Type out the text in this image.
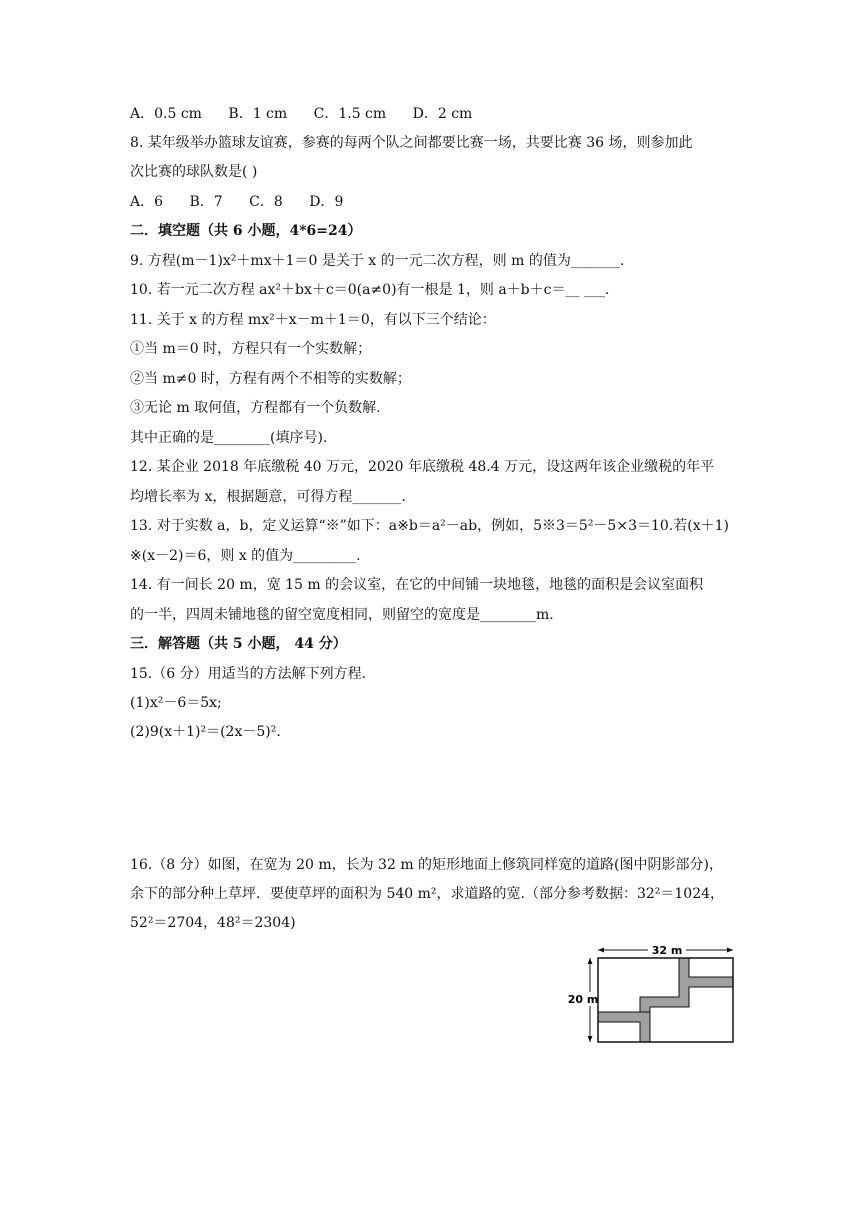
A．0.5 cm B．1 cm C．1.5 cm D．2 cm
8. 某年级举办篮球友谊赛，参赛的每两个队之间都要比赛一场，共要比赛 36 场，则参加此
次比赛的球队数是( )
A．6 B．7 C．8 D．9
二．填空题（共 6 小题，4*6=24）
9. 方程(m－1)x²＋mx＋1＝0 是关于 x 的一元二次方程，则 m 的值为_______.
10. 若一元二次方程 ax²＋bx＋c＝0(a≠0)有一根是 1，则 a＋b＋c＝__ ___.
11. 关于 x 的方程 mx²＋x－m＋1＝0，有以下三个结论：
①当 m＝0 时，方程只有一个实数解；
②当 m≠0 时，方程有两个不相等的实数解；
③无论 m 取何值，方程都有一个负数解.
其中正确的是________(填序号).
12. 某企业 2018 年底缴税 40 万元，2020 年底缴税 48.4 万元，设这两年该企业缴税的年平
均增长率为 x，根据题意，可得方程_______.
13. 对于实数 a，b，定义运算“※”如下：a※b＝a²－ab，例如，5※3＝5²－5×3＝10.若(x＋1)
※(x－2)＝6，则 x 的值为_________.
14. 有一间长 20 m，宽 15 m 的会议室，在它的中间铺一块地毯，地毯的面积是会议室面积
的一半，四周未铺地毯的留空宽度相同，则留空的宽度是________m.
三．解答题（共 5 小题， 44 分）
15.（6 分）用适当的方法解下列方程.
(1)x²－6＝5x;
(2)9(x＋1)²＝(2x－5)².
16.（8 分）如图，在宽为 20 m，长为 32 m 的矩形地面上修筑同样宽的道路(图中阴影部分)，
余下的部分种上草坪．要使草坪的面积为 540 m²，求道路的宽.（部分参考数据：32²＝1024，
52²＝2704，48²＝2304)
32 m
20 m
